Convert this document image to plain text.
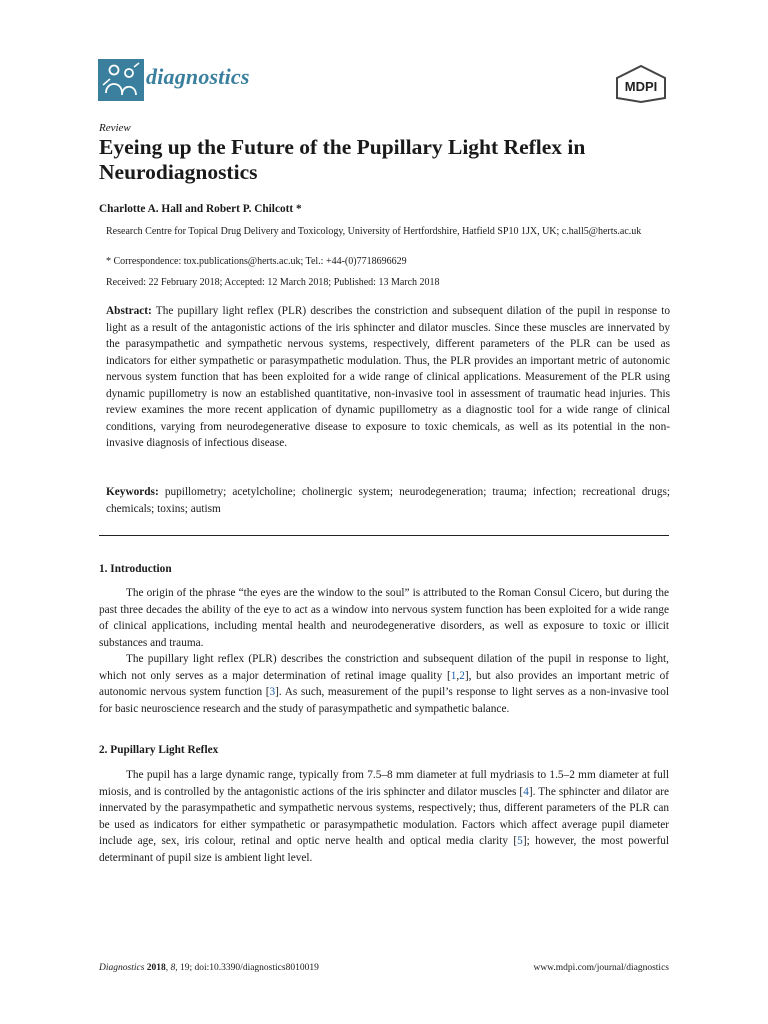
diagnostics	MDPI
Review
Eyeing up the Future of the Pupillary Light Reflex in Neurodiagnostics
Charlotte A. Hall and Robert P. Chilcott *
Research Centre for Topical Drug Delivery and Toxicology, University of Hertfordshire, Hatfield SP10 1JX, UK; c.hall5@herts.ac.uk
* Correspondence: tox.publications@herts.ac.uk; Tel.: +44-(0)7718696629
Received: 22 February 2018; Accepted: 12 March 2018; Published: 13 March 2018
Abstract: The pupillary light reflex (PLR) describes the constriction and subsequent dilation of the pupil in response to light as a result of the antagonistic actions of the iris sphincter and dilator muscles. Since these muscles are innervated by the parasympathetic and sympathetic nervous systems, respectively, different parameters of the PLR can be used as indicators for either sympathetic or parasympathetic modulation. Thus, the PLR provides an important metric of autonomic nervous system function that has been exploited for a wide range of clinical applications. Measurement of the PLR using dynamic pupillometry is now an established quantitative, non-invasive tool in assessment of traumatic head injuries. This review examines the more recent application of dynamic pupillometry as a diagnostic tool for a wide range of clinical conditions, varying from neurodegenerative disease to exposure to toxic chemicals, as well as its potential in the non-invasive diagnosis of infectious disease.
Keywords: pupillometry; acetylcholine; cholinergic system; neurodegeneration; trauma; infection; recreational drugs; chemicals; toxins; autism
1. Introduction

The origin of the phrase “the eyes are the window to the soul” is attributed to the Roman Consul Cicero, but during the past three decades the ability of the eye to act as a window into nervous system function has been exploited for a wide range of clinical applications, including mental health and neurodegenerative disorders, as well as exposure to toxic or illicit substances and trauma.

The pupillary light reflex (PLR) describes the constriction and subsequent dilation of the pupil in response to light, which not only serves as a major determination of retinal image quality [1,2], but also provides an important metric of autonomic nervous system function [3]. As such, measurement of the pupil’s response to light serves as a non-invasive tool for basic neuroscience research and the study of parasympathetic and sympathetic balance.

2. Pupillary Light Reflex

The pupil has a large dynamic range, typically from 7.5–8 mm diameter at full mydriasis to 1.5–2 mm diameter at full miosis, and is controlled by the antagonistic actions of the iris sphincter and dilator muscles [4]. The sphincter and dilator are innervated by the parasympathetic and sympathetic nervous systems, respectively; thus, different parameters of the PLR can be used as indicators for either sympathetic or parasympathetic modulation. Factors which affect average pupil diameter include age, sex, iris colour, retinal and optic nerve health and optical media clarity [5]; however, the most powerful determinant of pupil size is ambient light level.

Diagnostics 2018, 8, 19; doi:10.3390/diagnostics8010019	www.mdpi.com/journal/diagnostics
